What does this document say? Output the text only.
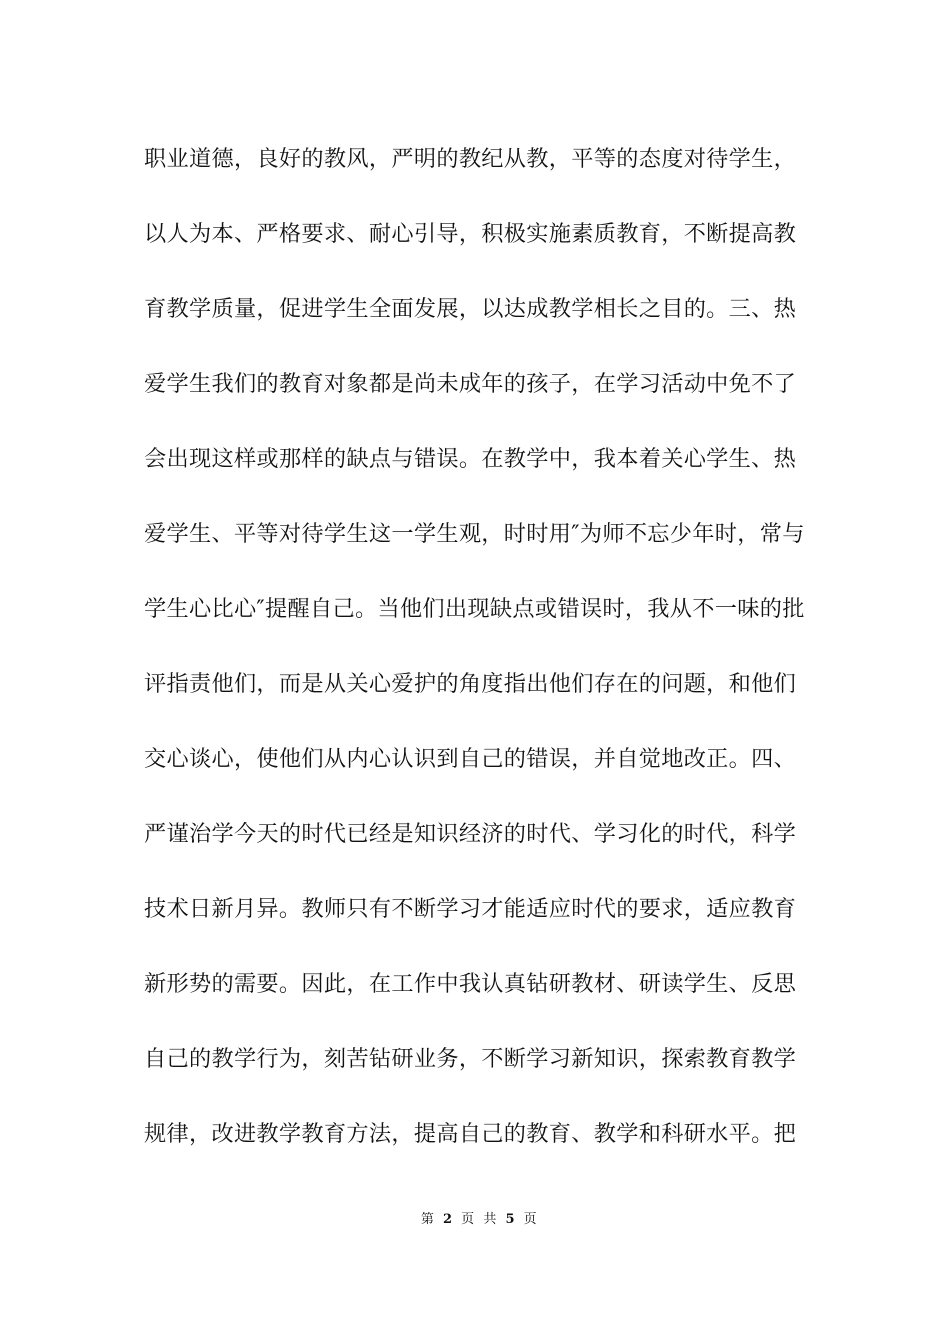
职业道德，良好的教风，严明的教纪从教，平等的态度对待学生，
以人为本、严格要求、耐心引导，积极实施素质教育，不断提高教
育教学质量，促进学生全面发展，以达成教学相长之目的。三、热
爱学生我们的教育对象都是尚未成年的孩子，在学习活动中免不了
会出现这样或那样的缺点与错误。在教学中，我本着关心学生、热
爱学生、平等对待学生这一学生观，时时用″为师不忘少年时，常与
学生心比心″提醒自己。当他们出现缺点或错误时，我从不一味的批
评指责他们，而是从关心爱护的角度指出他们存在的问题，和他们
交心谈心，使他们从内心认识到自己的错误，并自觉地改正。四、
严谨治学今天的时代已经是知识经济的时代、学习化的时代，科学
技术日新月异。教师只有不断学习才能适应时代的要求，适应教育
新形势的需要。因此，在工作中我认真钻研教材、研读学生、反思
自己的教学行为，刻苦钻研业务，不断学习新知识，探索教育教学
规律，改进教学教育方法，提高自己的教育、教学和科研水平。把
第 2 页 共 5 页
